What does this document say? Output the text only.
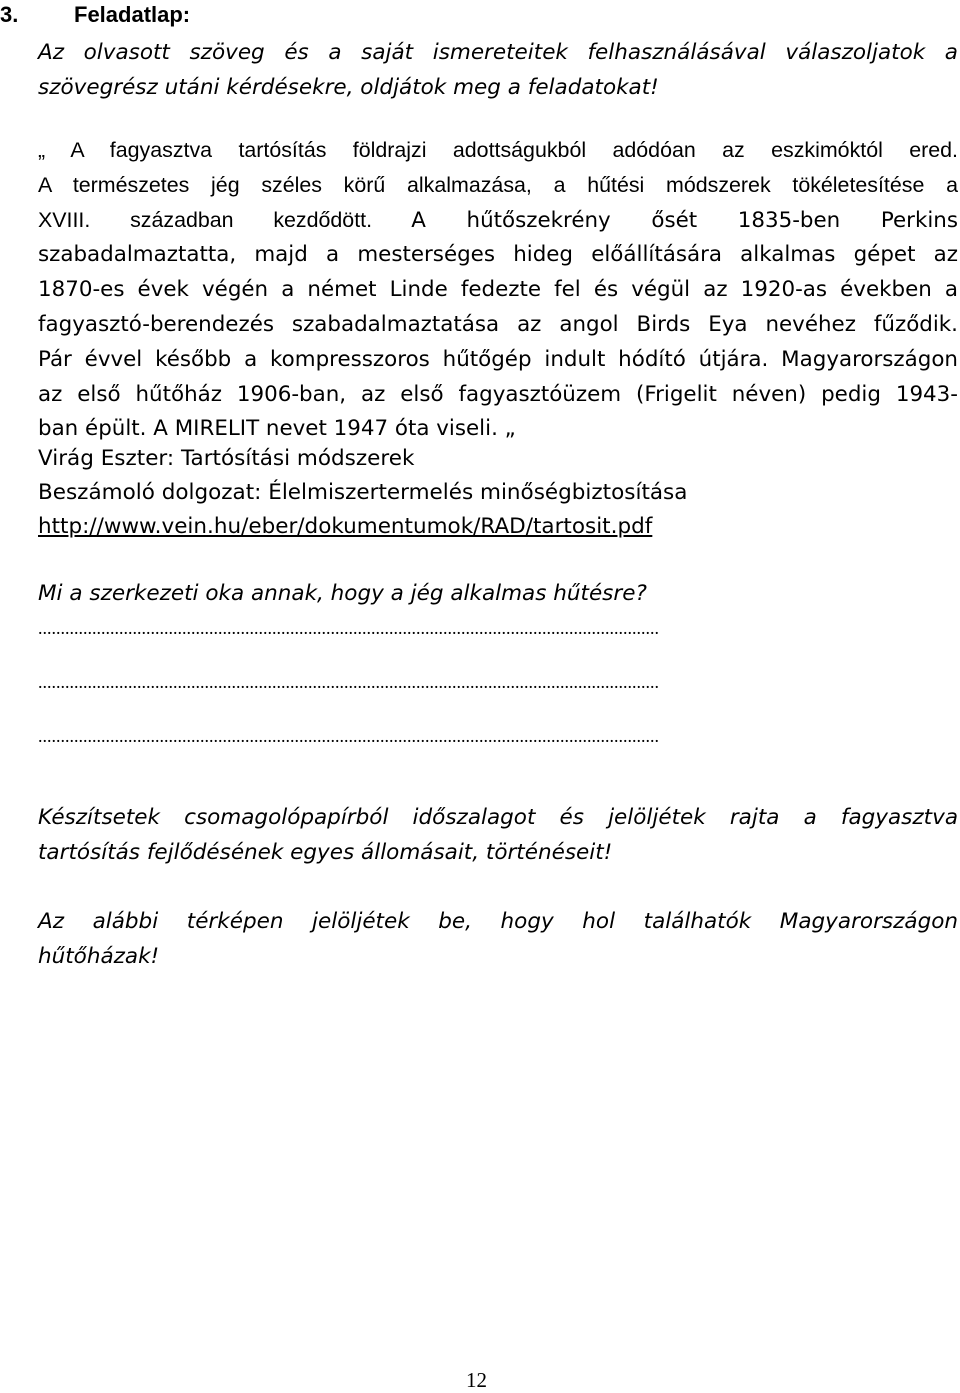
3.	Feladatlap:
Az olvasott szöveg és a saját ismereteitek felhasználásával válaszoljatok a
szövegrész utáni kérdésekre, oldjátok meg a feladatokat!
„ A fagyasztva tartósítás földrajzi adottságukból adódóan az eszkimóktól ered.
A természetes jég széles körű alkalmazása, a hűtési módszerek tökéletesítése a
XVIII. században kezdődött. A hűtőszekrény ősét 1835-ben Perkins
szabadalmaztatta, majd a mesterséges hideg előállítására alkalmas gépet az
1870-es évek végén a német Linde fedezte fel és végül az 1920-as években a
fagyasztó-berendezés szabadalmaztatása az angol Birds Eya nevéhez fűződik.
Pár évvel később a kompresszoros hűtőgép indult hódító útjára. Magyarországon
az első hűtőház 1906-ban, az első fagyasztóüzem (Frigelit néven) pedig 1943-
ban épült. A MIRELIT nevet 1947 óta viseli. „
Virág Eszter: Tartósítási módszerek
Beszámoló dolgozat: Élelmiszertermelés minőségbiztosítása
http://www.vein.hu/eber/dokumentumok/RAD/tartosit.pdf
Mi a szerkezeti oka annak, hogy a jég alkalmas hűtésre?
..........................................................................................................................................
..........................................................................................................................................
..........................................................................................................................................
Készítsetek csomagolópapírból időszalagot és jelöljétek rajta a fagyasztva
tartósítás fejlődésének egyes állomásait, történéseit!
Az alábbi térképen jelöljétek be, hogy hol találhatók Magyarországon
hűtőházak!
12
